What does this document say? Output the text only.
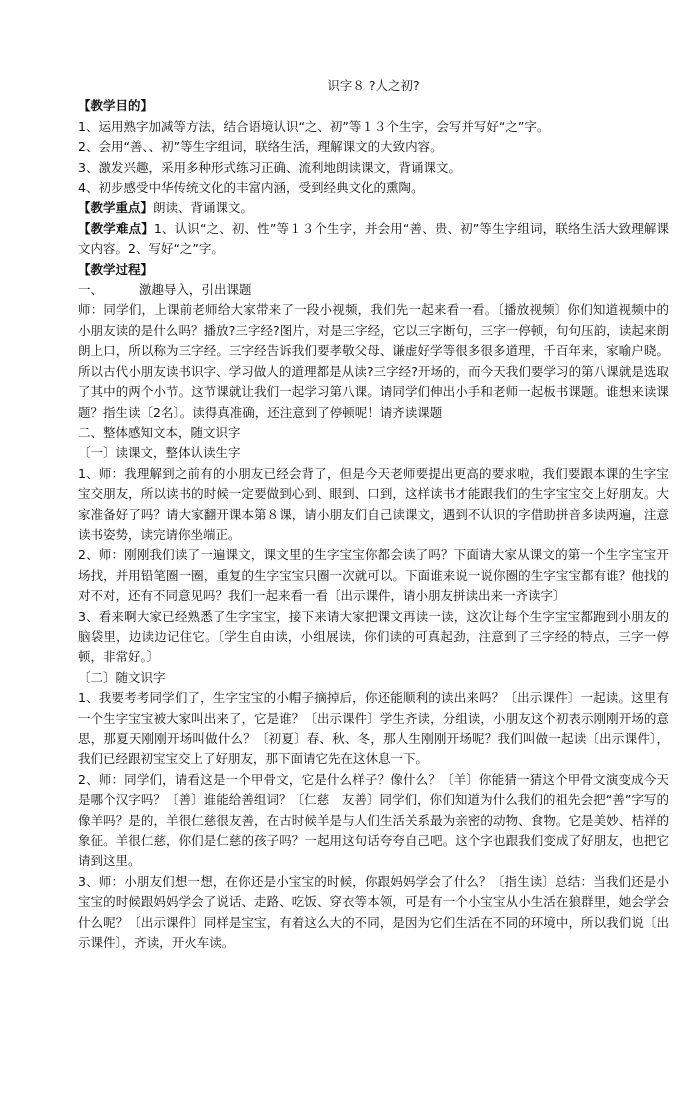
识字８ ?人之初?

【教学目的】

1、运用熟字加减等方法，结合语境认识“之、初”等１３个生字，会写并写好“之”字。

2、会用“善、、初”等生字组词，联络生活，理解课文的大致内容。

3、激发兴趣，采用多种形式练习正确、流利地朗读课文，背诵课文。

4、初步感受中华传统文化的丰富内涵，受到经典文化的熏陶。

【教学重点】朗读、背诵课文。

【教学难点】1、认识“之、初、性”等１３个生字，并会用“善、贵、初”等生字组词，联络生活大致理解课文内容。2、写好“之”字。

【教学过程】

一、	激趣导入，引出课题

师：同学们，上课前老师给大家带来了一段小视频，我们先一起来看一看。〔播放视频〕你们知道视频中的小朋友读的是什么吗？播放?三字经?图片，对是三字经，它以三字断句，三字一停顿，句句压韵，读起来朗朗上口，所以称为三字经。三字经告诉我们要孝敬父母、谦虚好学等很多很多道理，千百年来，家喻户晓。所以古代小朋友读书识字、学习做人的道理都是从读?三字经?开场的，而今天我们要学习的第八课就是选取了其中的两个小节。这节课就让我们一起学习第八课。请同学们伸出小手和老师一起板书课题。谁想来读课题？指生读〔2名〕。读得真准确，还注意到了停顿呢！请齐读课题

二、整体感知文本，随文识字

〔一〕读课文，整体认读生字

1、师：我理解到之前有的小朋友已经会背了，但是今天老师要提出更高的要求啦，我们要跟本课的生字宝宝交朋友，所以读书的时候一定要做到心到、眼到、口到，这样读书才能跟我们的生字宝宝交上好朋友。大家准备好了吗？请大家翻开课本第８课，请小朋友们自己读课文，遇到不认识的字借助拼音多读两遍，注意读书姿势，读完请你坐端正。

2、师：刚刚我们读了一遍课文，课文里的生字宝宝你都会读了吗？下面请大家从课文的第一个生字宝宝开场找，并用铅笔圈一圈，重复的生字宝宝只圈一次就可以。下面谁来说一说你圈的生字宝宝都有谁？他找的对不对，还有不同意见吗？我们一起来看一看〔出示课件，请小朋友拼读出来一齐读字〕

3、看来啊大家已经熟悉了生字宝宝，接下来请大家把课文再读一读，这次让每个生字宝宝都跑到小朋友的脑袋里，边读边记住它。〔学生自由读，小组展读，你们读的可真起劲，注意到了三字经的特点，三字一停顿，非常好。〕

〔二〕随文识字

1、我要考考同学们了，生字宝宝的小帽子摘掉后，你还能顺利的读出来吗？〔出示课件〕一起读。这里有一个生字宝宝被大家叫出来了，它是谁？〔出示课件〕学生齐读，分组读，小朋友这个初表示刚刚开场的意思，那夏天刚刚开场叫做什么？〔初夏〕春、秋、冬，那人生刚刚开场呢？我们叫做一起读〔出示课件〕，我们已经跟初宝宝交上了好朋友，那下面请它先在这休息一下。

2、师：同学们，请看这是一个甲骨文，它是什么样子？像什么？〔羊〕你能猜一猜这个甲骨文演变成今天是哪个汉字吗？〔善〕谁能给善组词？〔仁慈　友善〕同学们，你们知道为什么我们的祖先会把“善”字写的像羊吗？是的，羊很仁慈很友善，在古时候羊是与人们生活关系最为亲密的动物、食物。它是美妙、桔祥的象征。羊很仁慈，你们是仁慈的孩子吗？一起用这句话夸夸自己吧。这个字也跟我们变成了好朋友，也把它请到这里。

3、师：小朋友们想一想，在你还是小宝宝的时候，你跟妈妈学会了什么？〔指生读〕总结：当我们还是小宝宝的时候跟妈妈学会了说话、走路、吃饭、穿衣等本领，可是有一个小宝宝从小生活在狼群里，她会学会什么呢？〔出示课件〕同样是宝宝，有着这么大的不同，是因为它们生活在不同的环境中，所以我们说〔出示课件〕，齐读，开火车读。
